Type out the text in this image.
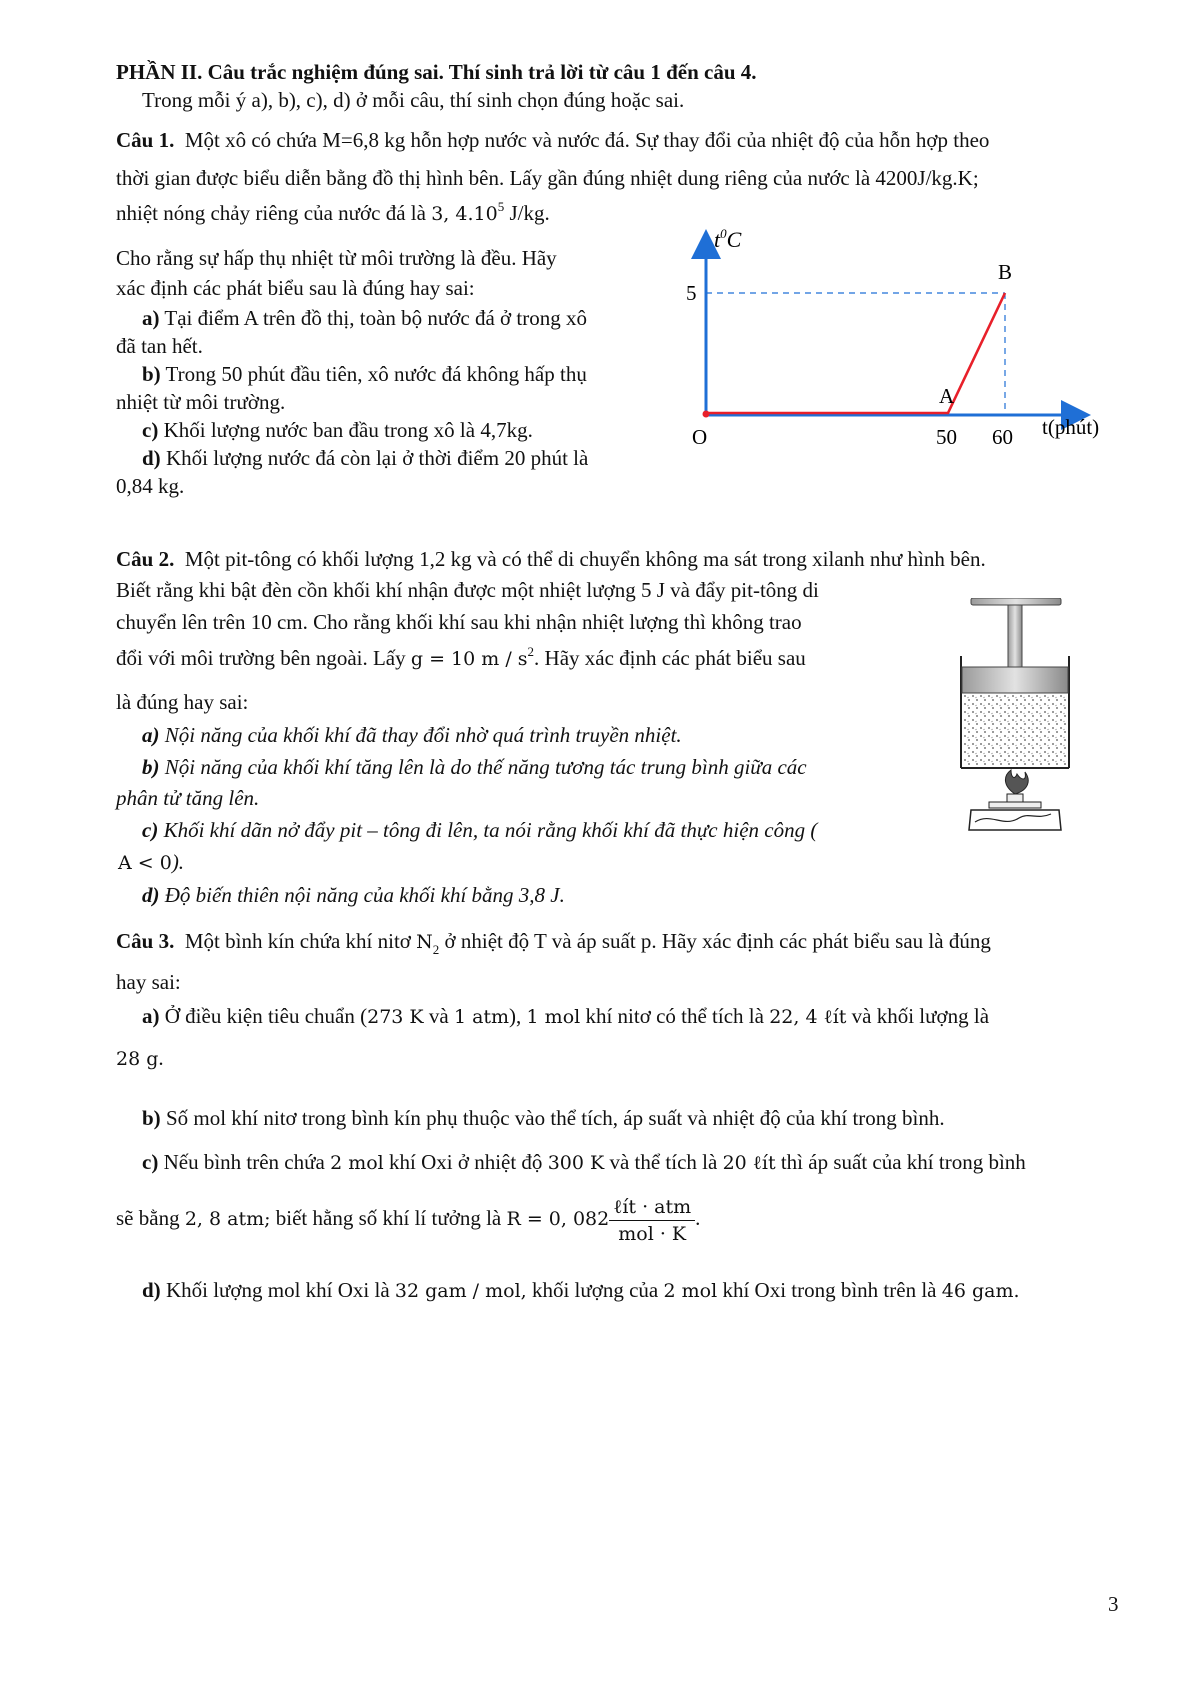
PHẦN II. Câu trắc nghiệm đúng sai. Thí sinh trả lời từ câu 1 đến câu 4.
Trong mỗi ý a), b), c), d) ở mỗi câu, thí sinh chọn đúng hoặc sai.
Câu 1. Một xô có chứa M=6,8 kg hỗn hợp nước và nước đá. Sự thay đổi của nhiệt độ của hỗn hợp theo
thời gian được biểu diễn bằng đồ thị hình bên. Lấy gần đúng nhiệt dung riêng của nước là 4200J/kg.K;
nhiệt nóng chảy riêng của nước đá là 3, 4.10$^5$ J/kg.
Cho rằng sự hấp thụ nhiệt từ môi trường là đều. Hãy
xác định các phát biểu sau là đúng hay sai:
a) Tại điểm A trên đồ thị, toàn bộ nước đá ở trong xô
đã tan hết.
b) Trong 50 phút đầu tiên, xô nước đá không hấp thụ
nhiệt từ môi trường.
c) Khối lượng nước ban đầu trong xô là 4,7kg.
d) Khối lượng nước đá còn lại ở thời điểm 20 phút là
0,84 kg.
$t^0C$
5
B
A
O	50 60 t(phút)
Câu 2. Một pit-tông có khối lượng 1,2 kg và có thể di chuyển không ma sát trong xilanh như hình bên.
Biết rằng khi bật đèn cồn khối khí nhận được một nhiệt lượng 5 J và đẩy pit-tông di
chuyển lên trên 10 cm. Cho rằng khối khí sau khi nhận nhiệt lượng thì không trao
đổi với môi trường bên ngoài. Lấy g = 10 m / $s^2$. Hãy xác định các phát biểu sau
là đúng hay sai:
a) Nội năng của khối khí đã thay đổi nhờ quá trình truyền nhiệt.
b) Nội năng của khối khí tăng lên là do thế năng tương tác trung bình giữa các
phân tử tăng lên.
c) Khối khí dãn nở đẩy pit – tông đi lên, ta nói rằng khối khí đã thực hiện công (
A < 0).
d) Độ biến thiên nội năng của khối khí bằng 3,8 J.
Câu 3. Một bình kín chứa khí nitơ $N_2$ ở nhiệt độ T và áp suất p. Hãy xác định các phát biểu sau là đúng
hay sai:
a) Ở điều kiện tiêu chuẩn (273 K và 1 atm), 1 mol khí nitơ có thể tích là 22, 4 ℓít và khối lượng là
28 g.
b) Số mol khí nitơ trong bình kín phụ thuộc vào thể tích, áp suất và nhiệt độ của khí trong bình.
c) Nếu bình trên chứa 2 mol khí Oxi ở nhiệt độ 300 K và thể tích là 20 ℓít thì áp suất của khí trong bình
sẽ bằng 2, 8 atm; biết hằng số khí lí tưởng là R = 0, $082 \frac{\text{ℓít · atm}}{\text{mol · K}}$ .
d) Khối lượng mol khí Oxi là 32 gam / mol, khối lượng của 2 mol khí Oxi trong bình trên là 46 gam.
3
